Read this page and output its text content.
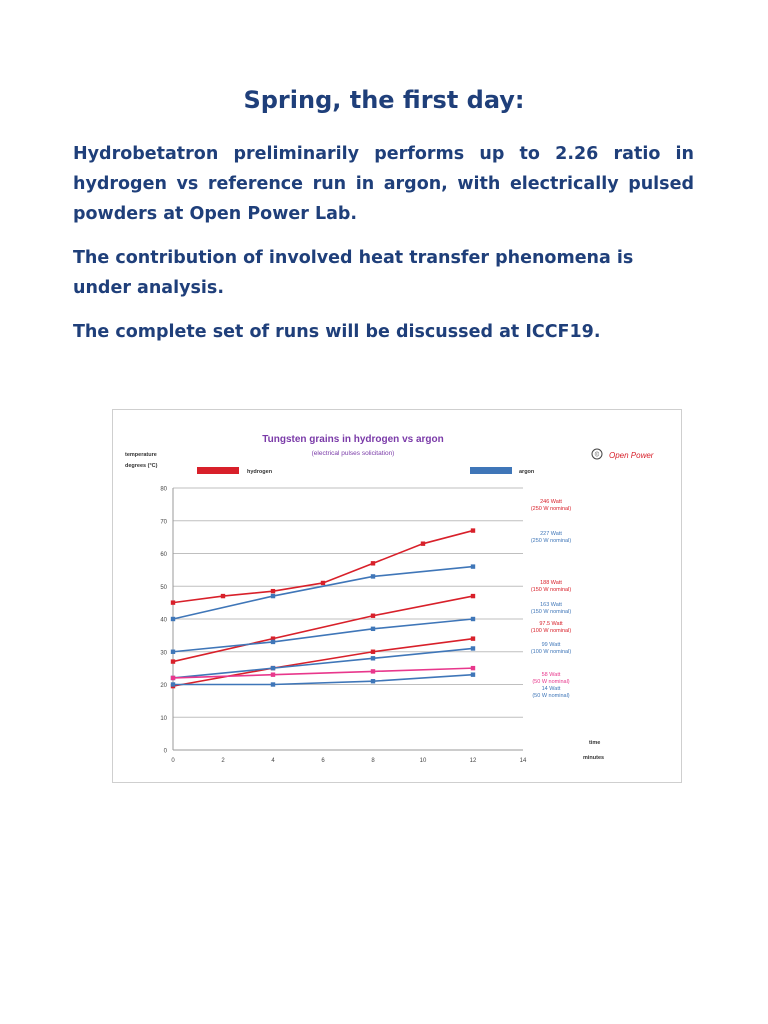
Spring, the first day:

Hydrobetatron preliminarily performs up to 2.26 ratio in hydrogen vs reference run in argon, with electrically pulsed powders at Open Power Lab.

The contribution of involved heat transfer phenomena is under analysis.

The complete set of runs will be discussed at ICCF19.

0
10
20
30
40
50
60
70
80
0	2	4	6	8	10	12	14
Tungsten grains in hydrogen vs argon
(electrical pulses solicitation)
temperature
degrees (°C)
time
minutes
hydrogen	argon
© Open Power
246 Watt
(250 W nominal)
227 Watt
(250 W nominal)
188 Watt
(150 W nominal)
163 Watt
(150 W nominal)
97.5 Watt
(100 W nominal)
99 Watt
(100 W nominal)
58 Watt
(50 W nominal)
14 Watt
(50 W nominal)
